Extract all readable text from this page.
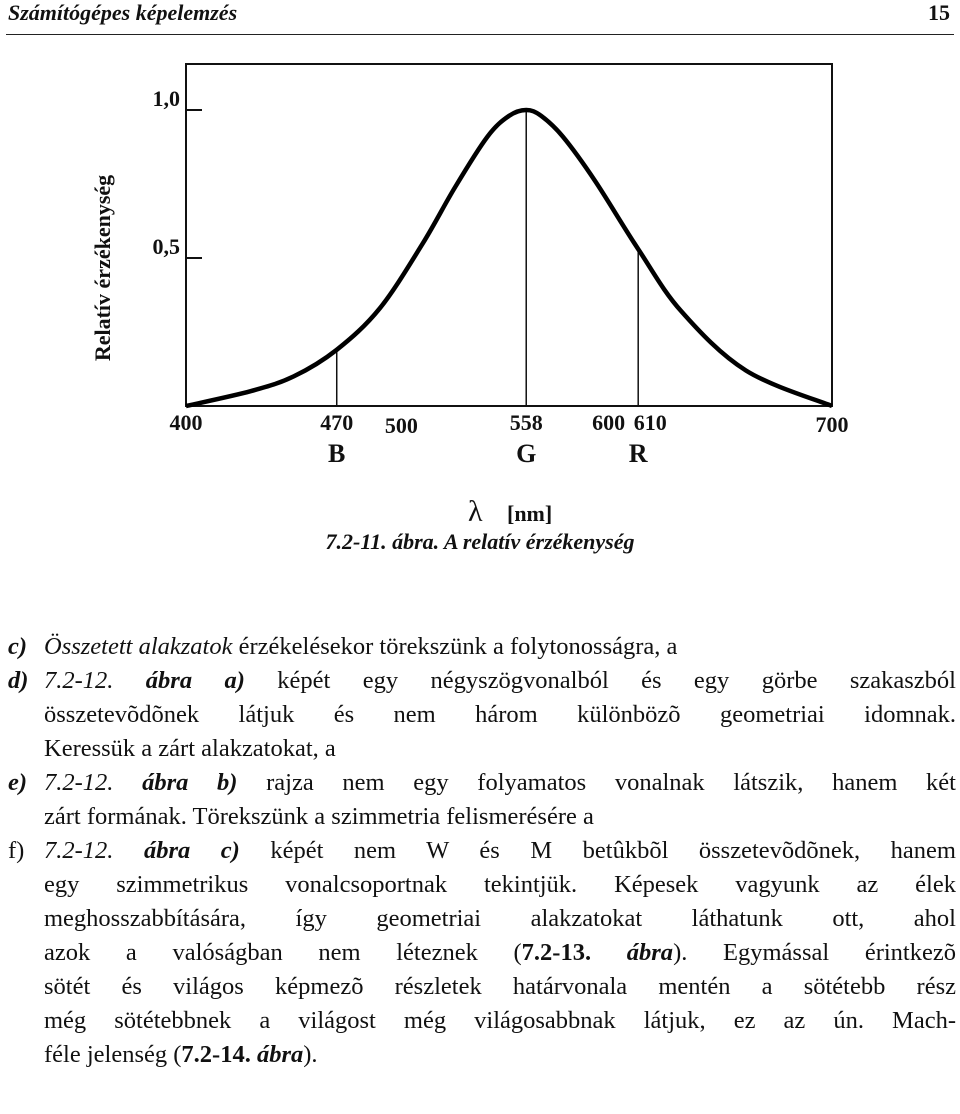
Számítógépes képelemzés	15
Relatív érzékenység
1,0
0,5
400	470 500	558 600 610	700
B	G	R
λ [nm]
7.2-11. ábra. A relatív érzékenység
c) Összetett alakzatok érzékelésekor törekszünk a folytonosságra, a
d) 7.2-12. ábra a) képét egy négyszögvonalból és egy görbe szakaszból
összetevõdõnek látjuk és nem három különbözõ geometriai idomnak.
Keressük a zárt alakzatokat, a
e) 7.2-12. ábra b) rajza nem egy folyamatos vonalnak látszik, hanem két
zárt formának. Törekszünk a szimmetria felismerésére a
f) 7.2-12. ábra c) képét nem W és M betûkbõl összetevõdõnek, hanem
egy szimmetrikus vonalcsoportnak tekintjük. Képesek vagyunk az élek
meghosszabbítására, így geometriai alakzatokat láthatunk ott, ahol
azok a valóságban nem léteznek (7.2-13. ábra). Egymással érintkezõ
sötét és világos képmezõ részletek határvonala mentén a sötétebb rész
még sötétebbnek a világost még világosabbnak látjuk, ez az ún. Mach-
féle jelenség (7.2-14. ábra).
